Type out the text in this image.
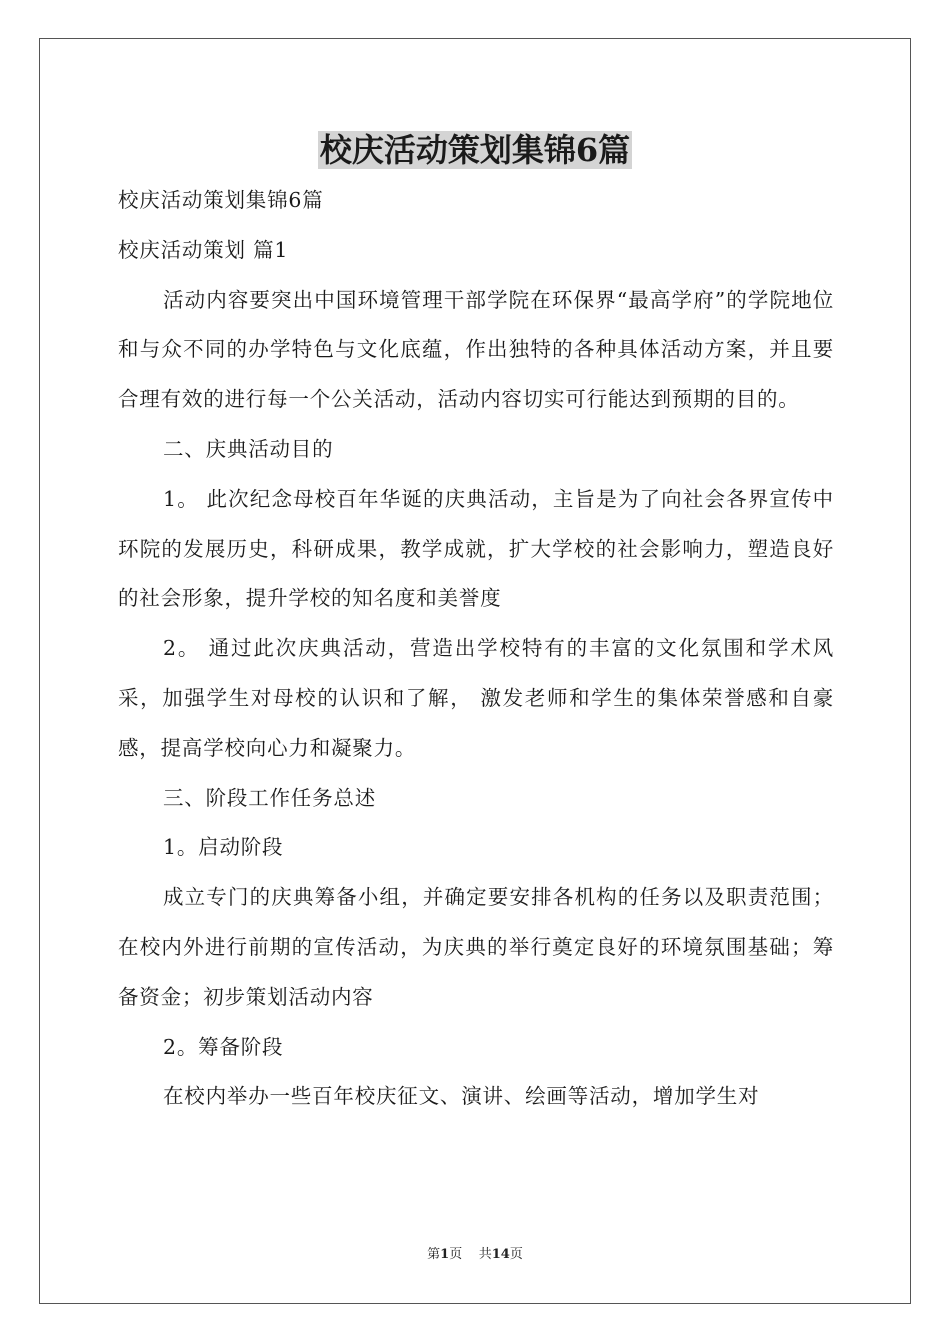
校庆活动策划集锦6篇

校庆活动策划集锦6篇

校庆活动策划 篇1

活动内容要突出中国环境管理干部学院在环保界“最高学府”的学院地位和与众不同的办学特色与文化底蕴，作出独特的各种具体活动方案，并且要合理有效的进行每一个公关活动，活动内容切实可行能达到预期的目的。

二、庆典活动目的

1。 此次纪念母校百年华诞的庆典活动，主旨是为了向社会各界宣传中环院的发展历史，科研成果，教学成就，扩大学校的社会影响力，塑造良好的社会形象，提升学校的知名度和美誉度

2。 通过此次庆典活动，营造出学校特有的丰富的文化氛围和学术风采，加强学生对母校的认识和了解， 激发老师和学生的集体荣誉感和自豪感，提高学校向心力和凝聚力。

三、阶段工作任务总述

1。启动阶段

成立专门的庆典筹备小组，并确定要安排各机构的任务以及职责范围；在校内外进行前期的宣传活动，为庆典的举行奠定良好的环境氛围基础；筹备资金；初步策划活动内容

2。筹备阶段

在校内举办一些百年校庆征文、演讲、绘画等活动，增加学生对

第1页 共14页
